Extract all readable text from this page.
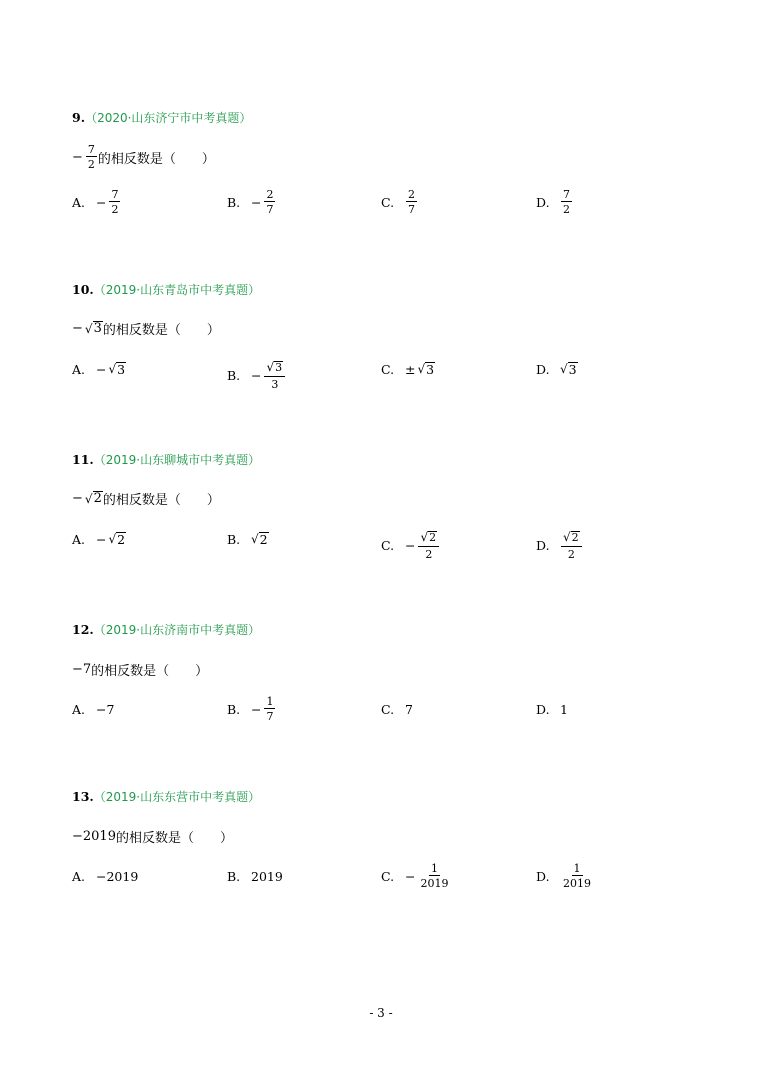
9.（2020·山东济宁市中考真题）
− $\frac{7}{2}$ 的相反数是（　　）
A. − $\frac{7}{2}$	B. − $\frac{2}{7}$	C.	$\frac{2}{7}$	D.	$\frac{7}{2}$
10.（2019·山东青岛市中考真题）
− √ 3 的相反数是（　　）
A. − √ 3	B. − $\frac{√ 3}{3}$	C. ± √ 3	D. √ 3
11.（2019·山东聊城市中考真题）
− √ 2 的相反数是（　　）
A. − √ 2	B. √ 2	C. − $\frac{√ 2}{2}$	D. $\frac{√ 2}{2}$
12.（2019·山东济南市中考真题）
−7 的相反数是（　　）
A. −7	B. − $\frac{1}{7}$	C. 7	D. 1
13.（2019·山东东营市中考真题）
−2019 的相反数是（　　）
A. −2019	B. 2019	C. − $\frac{1}{2019}$	D.	$\frac{1}{2019}$
- 3 -
